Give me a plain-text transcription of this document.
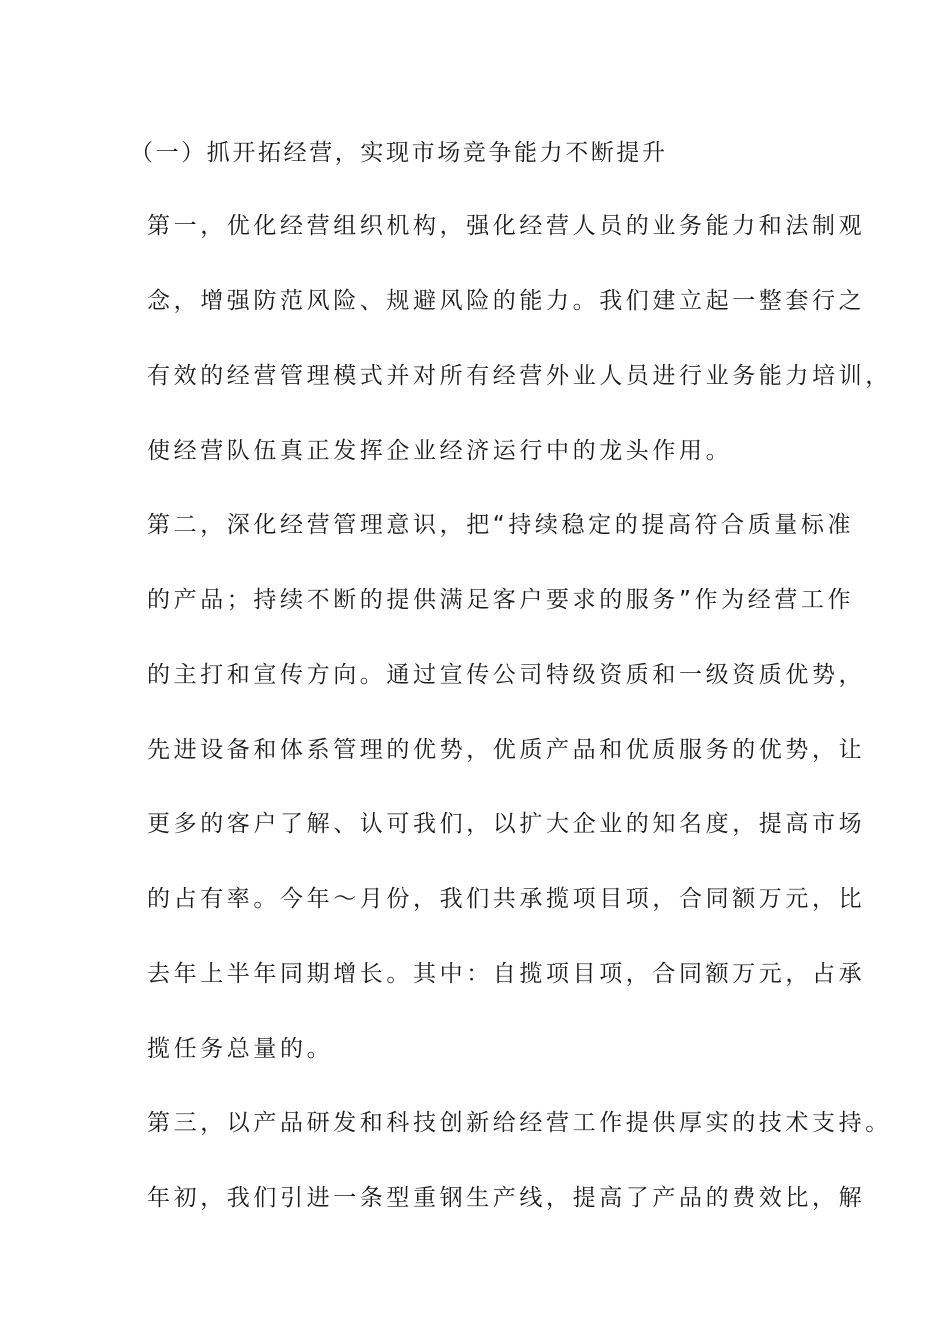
（一）抓开拓经营，实现市场竞争能力不断提升
第一，优化经营组织机构，强化经营人员的业务能力和法制观
念，增强防范风险、规避风险的能力。我们建立起一整套行之
有效的经营管理模式并对所有经营外业人员进行业务能力培训，
使经营队伍真正发挥企业经济运行中的龙头作用。
第二，深化经营管理意识，把“持续稳定的提高符合质量标准
的产品；持续不断的提供满足客户要求的服务”作为经营工作
的主打和宣传方向。通过宣传公司特级资质和一级资质优势，
先进设备和体系管理的优势，优质产品和优质服务的优势，让
更多的客户了解、认可我们，以扩大企业的知名度，提高市场
的占有率。今年～月份，我们共承揽项目项，合同额万元，比
去年上半年同期增长。其中：自揽项目项，合同额万元，占承
揽任务总量的。
第三，以产品研发和科技创新给经营工作提供厚实的技术支持。
年初，我们引进一条型重钢生产线，提高了产品的费效比，解
